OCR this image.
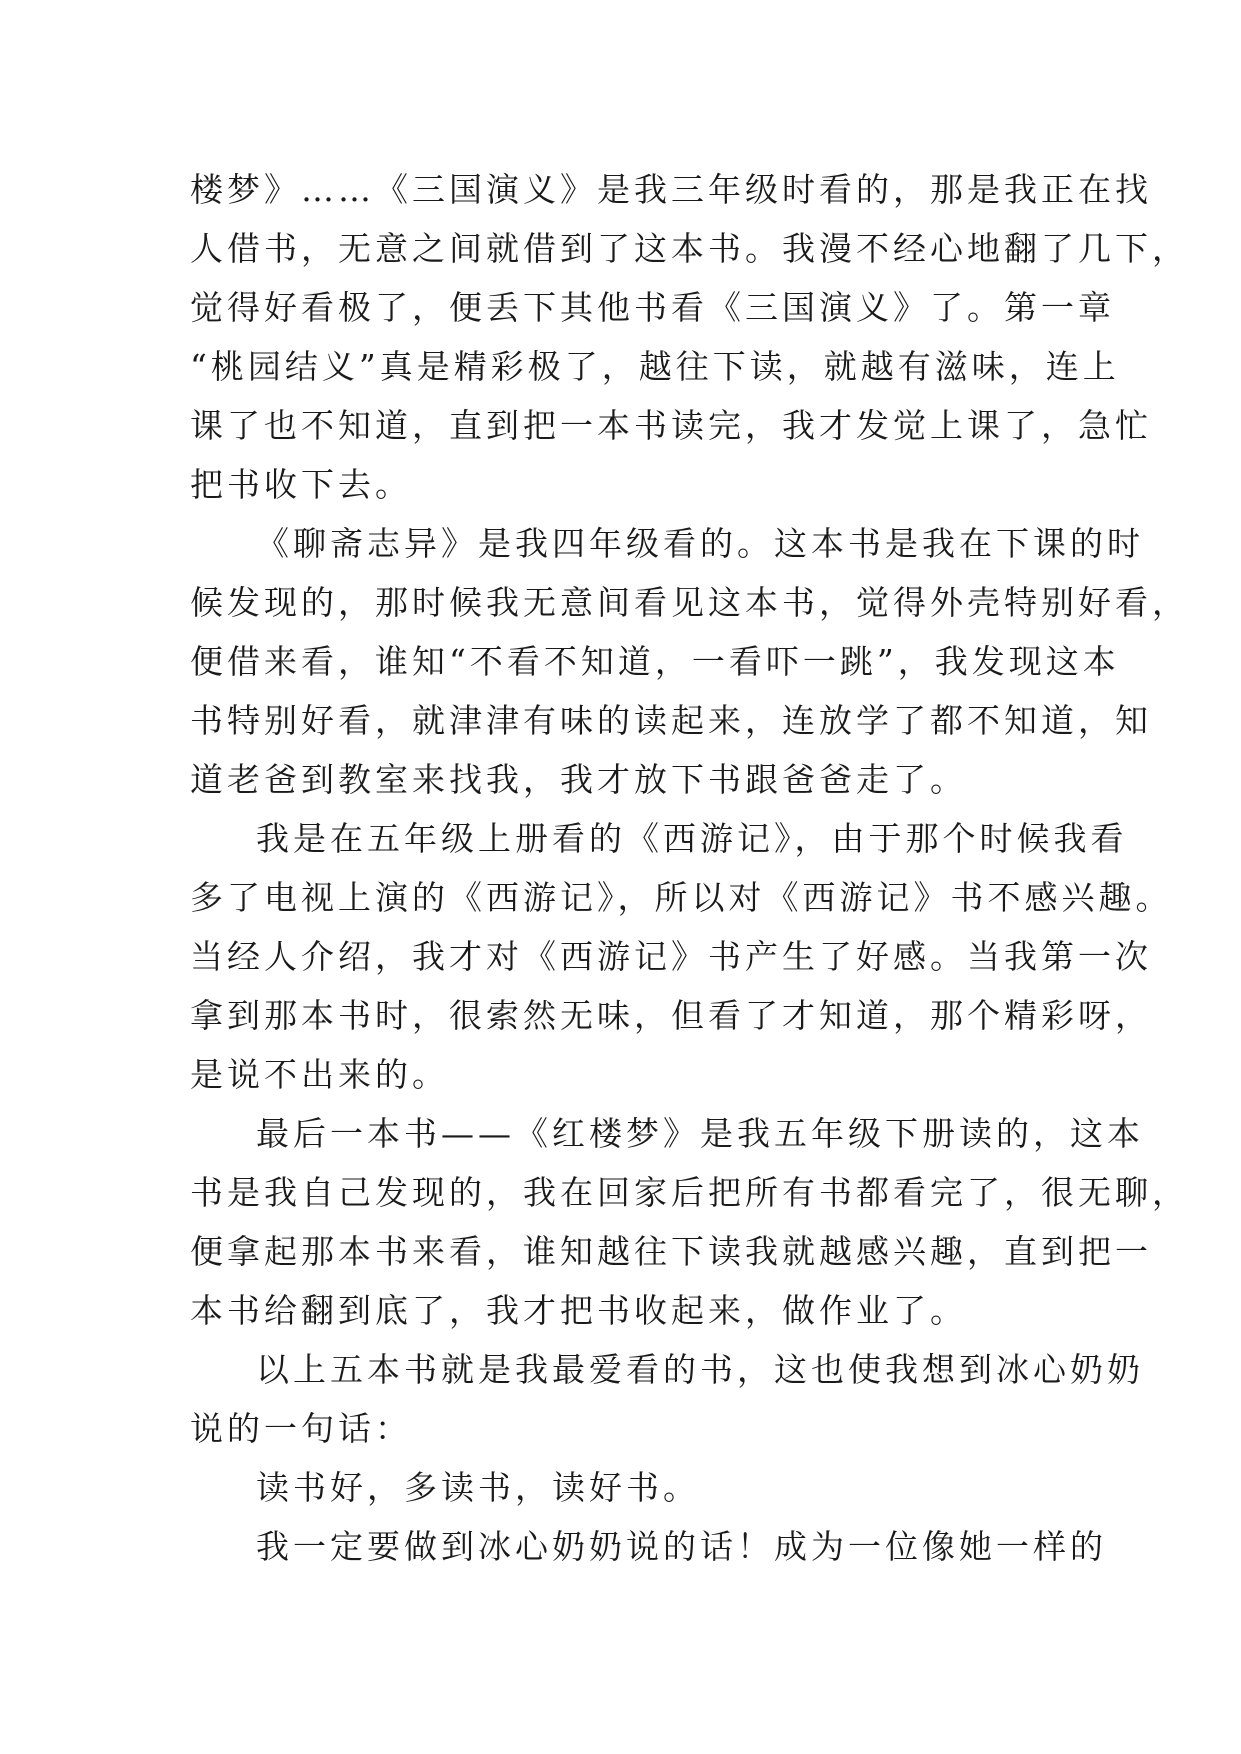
楼梦》……《三国演义》是我三年级时看的，那是我正在找
人借书，无意之间就借到了这本书。我漫不经心地翻了几下，
觉得好看极了，便丢下其他书看《三国演义》了。第一章
“桃园结义”真是精彩极了，越往下读，就越有滋味，连上
课了也不知道，直到把一本书读完，我才发觉上课了，急忙
把书收下去。

《聊斋志异》是我四年级看的。这本书是我在下课的时
候发现的，那时候我无意间看见这本书，觉得外壳特别好看，
便借来看，谁知“不看不知道，一看吓一跳”，我发现这本
书特别好看，就津津有味的读起来，连放学了都不知道，知
道老爸到教室来找我，我才放下书跟爸爸走了。

我是在五年级上册看的《西游记》，由于那个时候我看
多了电视上演的《西游记》，所以对《西游记》书不感兴趣。
当经人介绍，我才对《西游记》书产生了好感。当我第一次
拿到那本书时，很索然无味，但看了才知道，那个精彩呀，
是说不出来的。

最后一本书——《红楼梦》是我五年级下册读的，这本
书是我自己发现的，我在回家后把所有书都看完了，很无聊，
便拿起那本书来看，谁知越往下读我就越感兴趣，直到把一
本书给翻到底了，我才把书收起来，做作业了。

以上五本书就是我最爱看的书，这也使我想到冰心奶奶
说的一句话：

读书好，多读书，读好书。

我一定要做到冰心奶奶说的话！成为一位像她一样的
